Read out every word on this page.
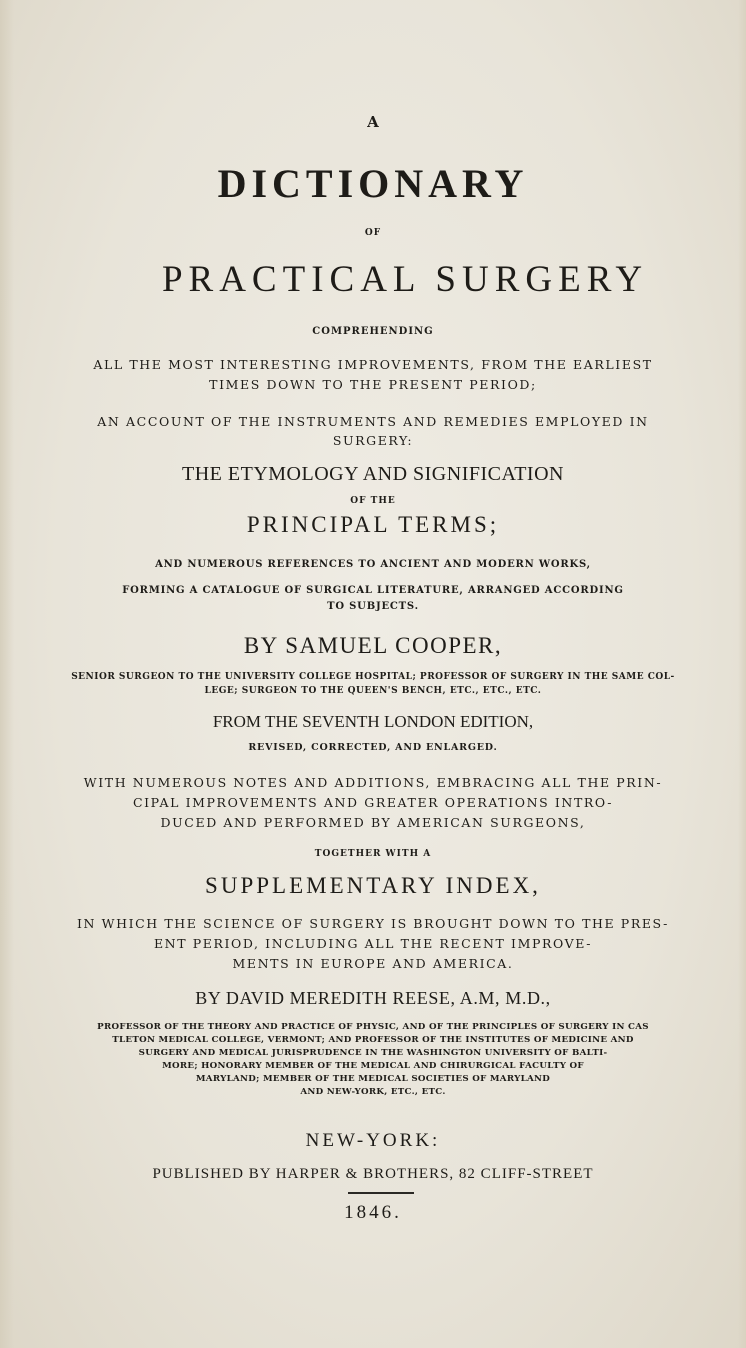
A
DICTIONARY
OF
PRACTICAL SURGERY
COMPREHENDING
ALL THE MOST INTERESTING IMPROVEMENTS, FROM THE EARLIEST
TIMES DOWN TO THE PRESENT PERIOD;
AN ACCOUNT OF THE INSTRUMENTS AND REMEDIES EMPLOYED IN
SURGERY:
THE ETYMOLOGY AND SIGNIFICATION
OF THE
PRINCIPAL TERMS;
AND NUMEROUS REFERENCES TO ANCIENT AND MODERN WORKS,
FORMING A CATALOGUE OF SURGICAL LITERATURE, ARRANGED ACCORDING
TO SUBJECTS.
BY SAMUEL COOPER,
SENIOR SURGEON TO THE UNIVERSITY COLLEGE HOSPITAL; PROFESSOR OF SURGERY IN THE SAME COL-
LEGE; SURGEON TO THE QUEEN'S BENCH, ETC., ETC., ETC.
FROM THE SEVENTH LONDON EDITION,
REVISED, CORRECTED, AND ENLARGED.
WITH NUMEROUS NOTES AND ADDITIONS, EMBRACING ALL THE PRIN-
CIPAL IMPROVEMENTS AND GREATER OPERATIONS INTRO-
DUCED AND PERFORMED BY AMERICAN SURGEONS,
TOGETHER WITH A
SUPPLEMENTARY INDEX,
IN WHICH THE SCIENCE OF SURGERY IS BROUGHT DOWN TO THE PRES-
ENT PERIOD, INCLUDING ALL THE RECENT IMPROVE-
MENTS IN EUROPE AND AMERICA.
BY DAVID MEREDITH REESE, A.M, M.D.,
PROFESSOR OF THE THEORY AND PRACTICE OF PHYSIC, AND OF THE PRINCIPLES OF SURGERY IN CAS
TLETON MEDICAL COLLEGE, VERMONT; AND PROFESSOR OF THE INSTITUTES OF MEDICINE AND
SURGERY AND MEDICAL JURISPRUDENCE IN THE WASHINGTON UNIVERSITY OF BALTI-
MORE; HONORARY MEMBER OF THE MEDICAL AND CHIRURGICAL FACULTY OF
MARYLAND; MEMBER OF THE MEDICAL SOCIETIES OF MARYLAND
AND NEW-YORK, ETC., ETC.
NEW-YORK:
PUBLISHED BY HARPER & BROTHERS, 82 CLIFF-STREET
1846.
